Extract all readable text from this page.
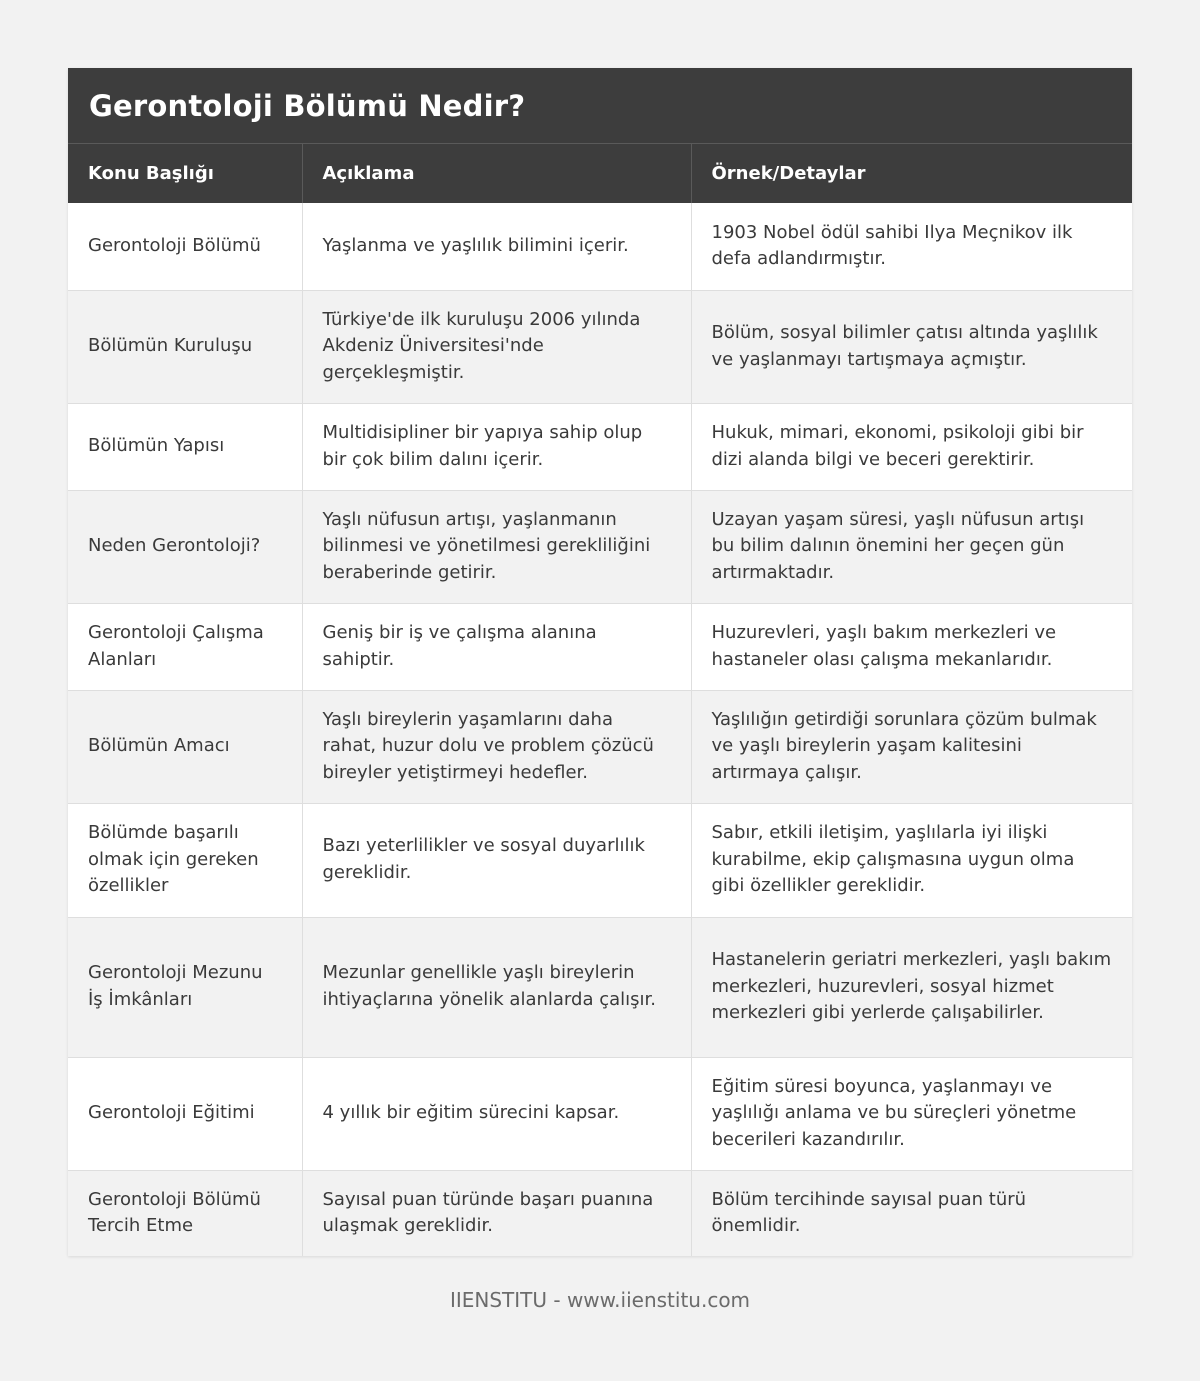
Gerontoloji Bölümü Nedir?
Konu Başlığı	Açıklama	Örnek/Detaylar
Gerontoloji Bölümü	Yaşlanma ve yaşlılık bilimini içerir.	1903 Nobel ödül sahibi Ilya Meçnikov ilk defa adlandırmıştır.
Bölümün Kuruluşu	Türkiye'de ilk kuruluşu 2006 yılında Akdeniz Üniversitesi'nde gerçekleşmiştir.	Bölüm, sosyal bilimler çatısı altında yaşlılık ve yaşlanmayı tartışmaya açmıştır.
Bölümün Yapısı	Multidisipliner bir yapıya sahip olup bir çok bilim dalını içerir.	Hukuk, mimari, ekonomi, psikoloji gibi bir dizi alanda bilgi ve beceri gerektirir.
Neden Gerontoloji?	Yaşlı nüfusun artışı, yaşlanmanın bilinmesi ve yönetilmesi gerekliliğini beraberinde getirir.	Uzayan yaşam süresi, yaşlı nüfusun artışı bu bilim dalının önemini her geçen gün artırmaktadır.
Gerontoloji Çalışma Alanları	Geniş bir iş ve çalışma alanına sahiptir.	Huzurevleri, yaşlı bakım merkezleri ve hastaneler olası çalışma mekanlarıdır.
Bölümün Amacı	Yaşlı bireylerin yaşamlarını daha rahat, huzur dolu ve problem çözücü bireyler yetiştirmeyi hedefler.	Yaşlılığın getirdiği sorunlara çözüm bulmak ve yaşlı bireylerin yaşam kalitesini artırmaya çalışır.
Bölümde başarılı olmak için gereken özellikler	Bazı yeterlilikler ve sosyal duyarlılık gereklidir.	Sabır, etkili iletişim, yaşlılarla iyi ilişki kurabilme, ekip çalışmasına uygun olma gibi özellikler gereklidir.
Gerontoloji Mezunu İş İmkânları	Mezunlar genellikle yaşlı bireylerin ihtiyaçlarına yönelik alanlarda çalışır.	Hastanelerin geriatri merkezleri, yaşlı bakım merkezleri, huzurevleri, sosyal hizmet merkezleri gibi yerlerde çalışabilirler.
Gerontoloji Eğitimi	4 yıllık bir eğitim sürecini kapsar.	Eğitim süresi boyunca, yaşlanmayı ve yaşlılığı anlama ve bu süreçleri yönetme becerileri kazandırılır.
Gerontoloji Bölümü Tercih Etme	Sayısal puan türünde başarı puanına ulaşmak gereklidir.	Bölüm tercihinde sayısal puan türü önemlidir.
IIENSTITU - www.iienstitu.com
